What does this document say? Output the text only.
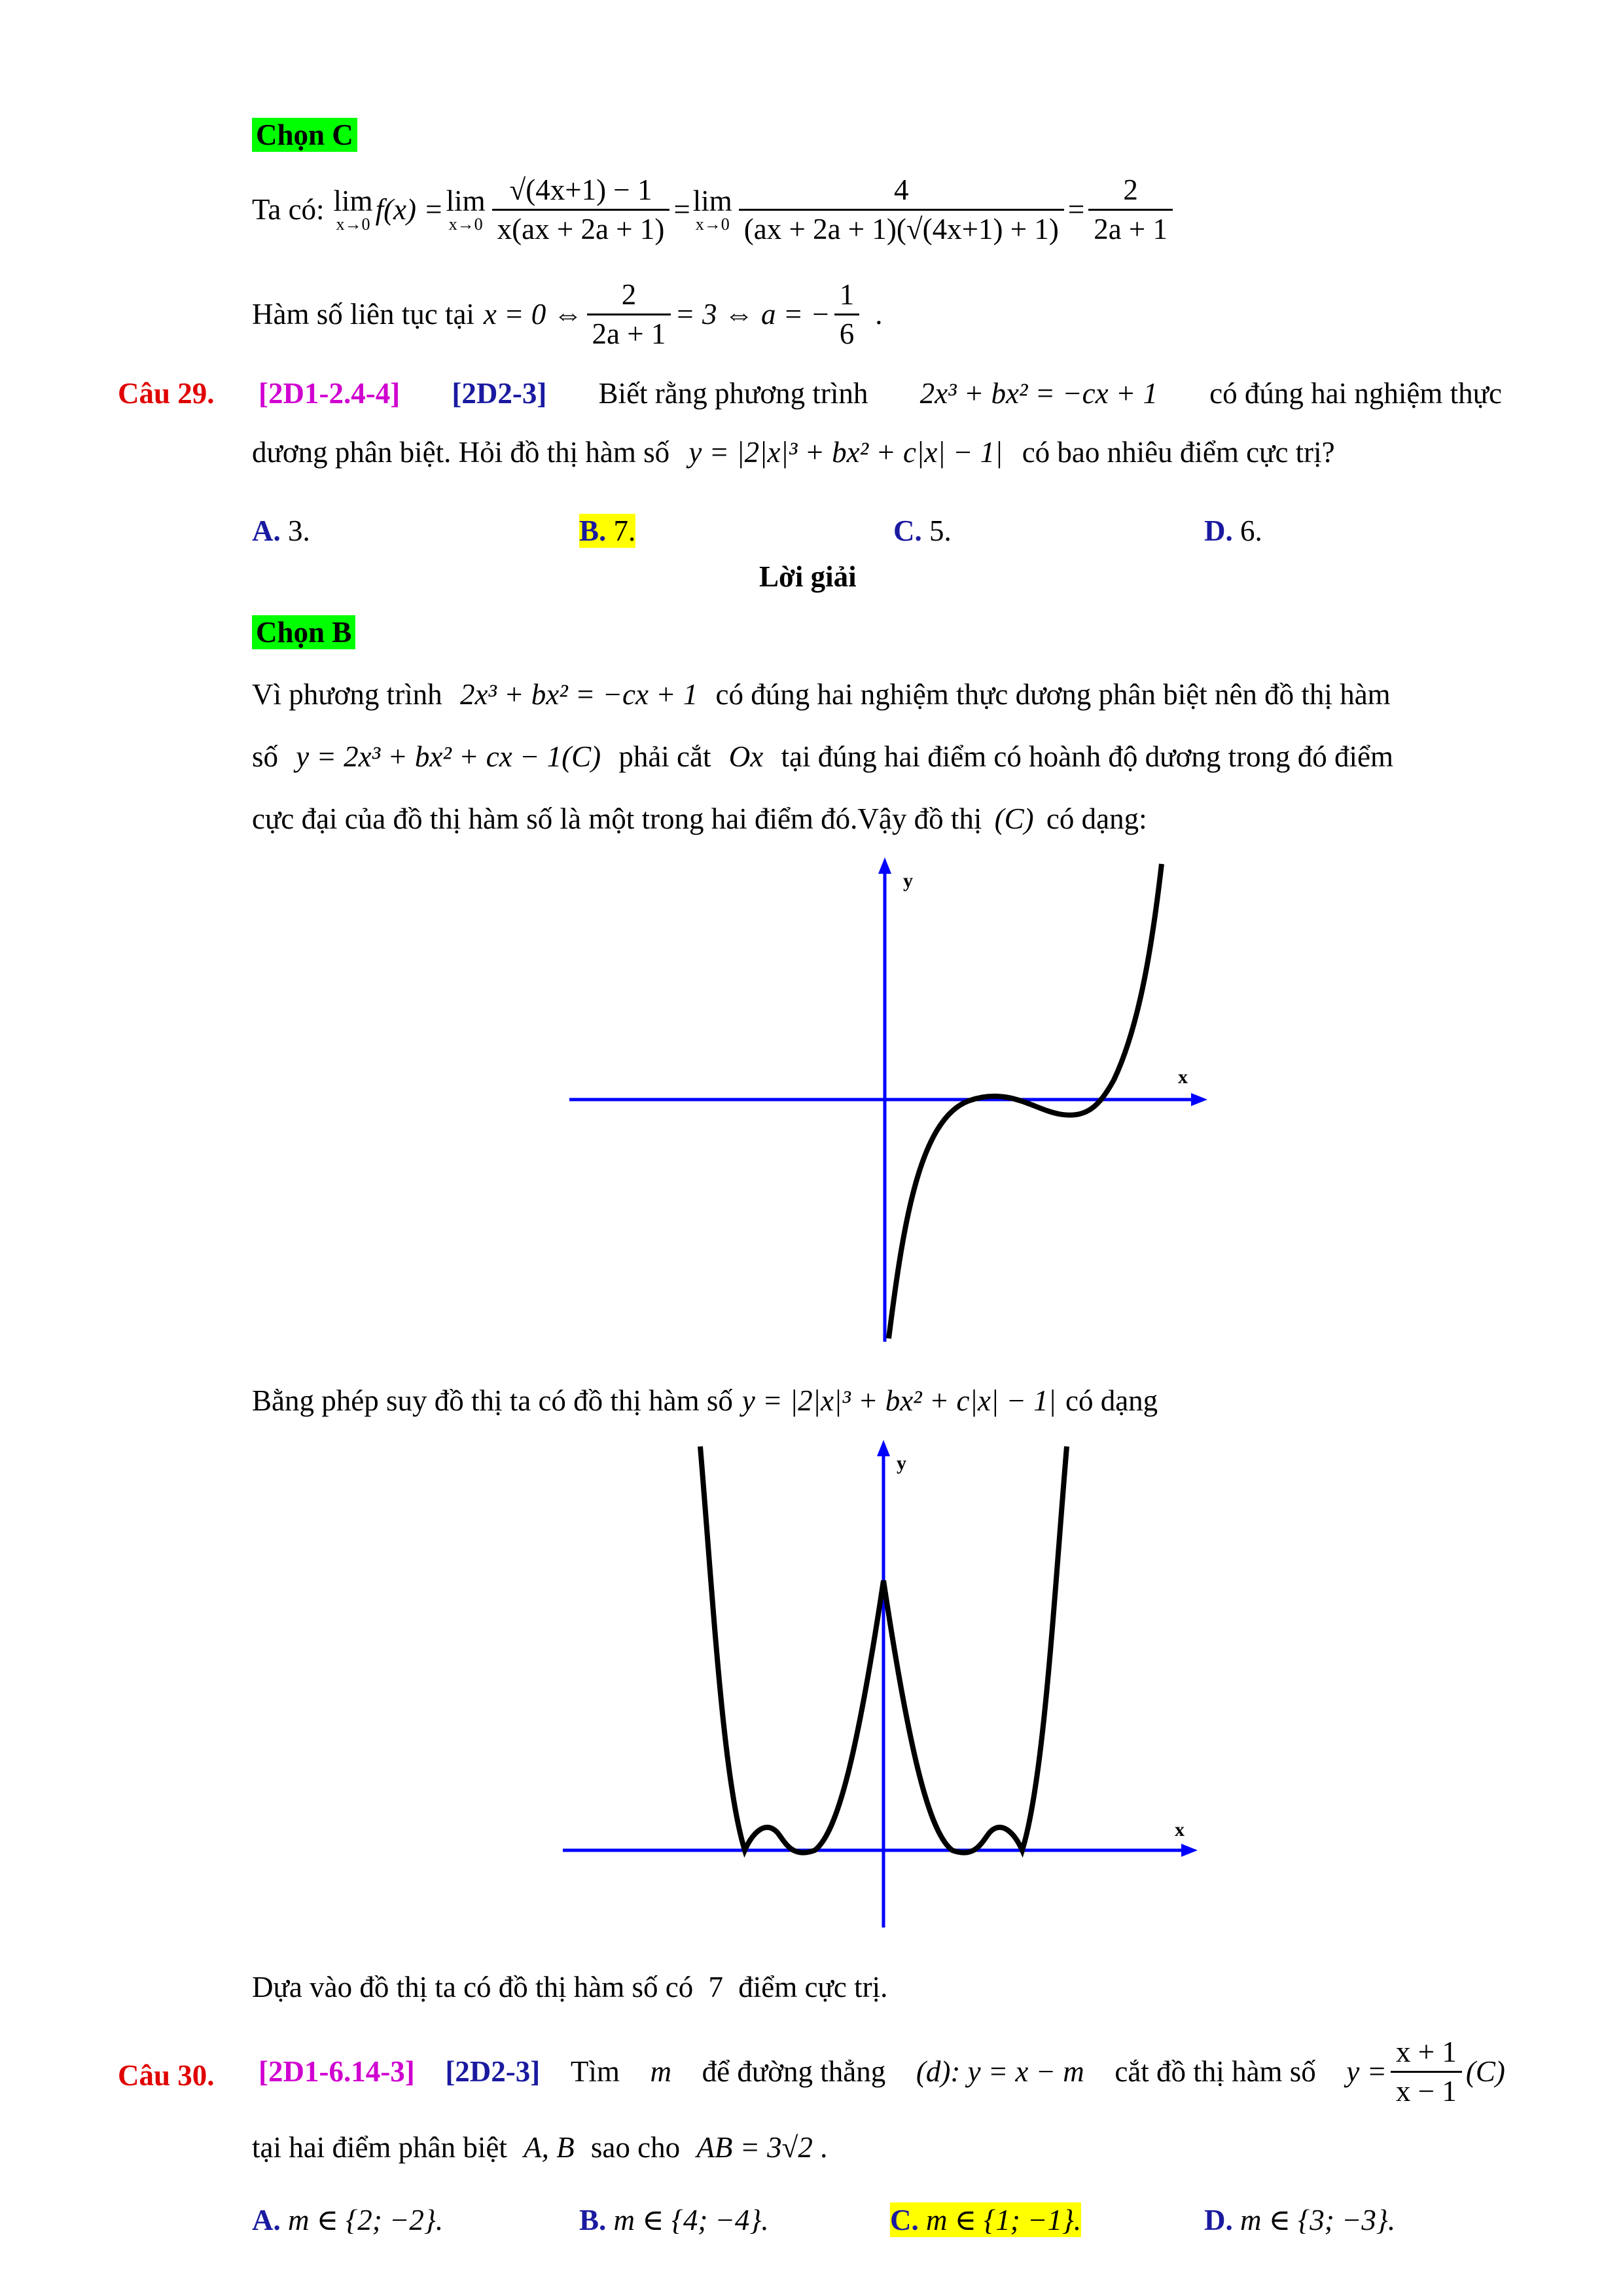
Chọn C
Ta có: lim
x→0 f(x) = lim
$x\to 0 \frac{√(4x+1) - 1}{x(ax + 2a + 1)} = \lim$
$x\to 0 \frac{4}{(ax + 2a + 1)(√(4x+1) + 1)} = \frac{2}{2a + 1}$
Hàm số liên tục tại x = 0 ⇔ $\frac{2}{2a + 1} = 3$ ⇔ a = − $\frac{1}{6}$ .
Câu 29. [2D1-2.4-4] [2D2-3] Biết rằng phương trình 2x³ + bx² = −cx + 1 có đúng hai nghiệm thực
dương phân biệt. Hỏi đồ thị hàm số y = |2|x|³ + bx² + c|x| − 1| có bao nhiêu điểm cực trị?
A. 3.	B. 7.	C. 5.	D. 6.
Lời giải
Chọn B
Vì phương trình 2x³ + bx² = −cx + 1 có đúng hai nghiệm thực dương phân biệt nên đồ thị hàm
số y = 2x³ + bx² + cx − 1(C) phải cắt Ox tại đúng hai điểm có hoành độ dương trong đó điểm
cực đại của đồ thị hàm số là một trong hai điểm đó.Vậy đồ thị (C) có dạng:
y
x
Bằng phép suy đồ thị ta có đồ thị hàm số y = |2|x|³ + bx² + c|x| − 1| có dạng
y
x
Dựa vào đồ thị ta có đồ thị hàm số có 7 điểm cực trị.
Câu 30. [2D1-6.14-3] [2D2-3] Tìm m để đường thẳng (d): y = x − m cắt đồ thị hàm số $y = \frac{x + 1}{x - 1} (C)$
tại hai điểm phân biệt A, B sao cho AB = 3√2 .
A. m ∈ {2; −2}.	B. m ∈ {4; −4}.	C. m ∈ {1; −1}.	D. m ∈ {3; −3}.
